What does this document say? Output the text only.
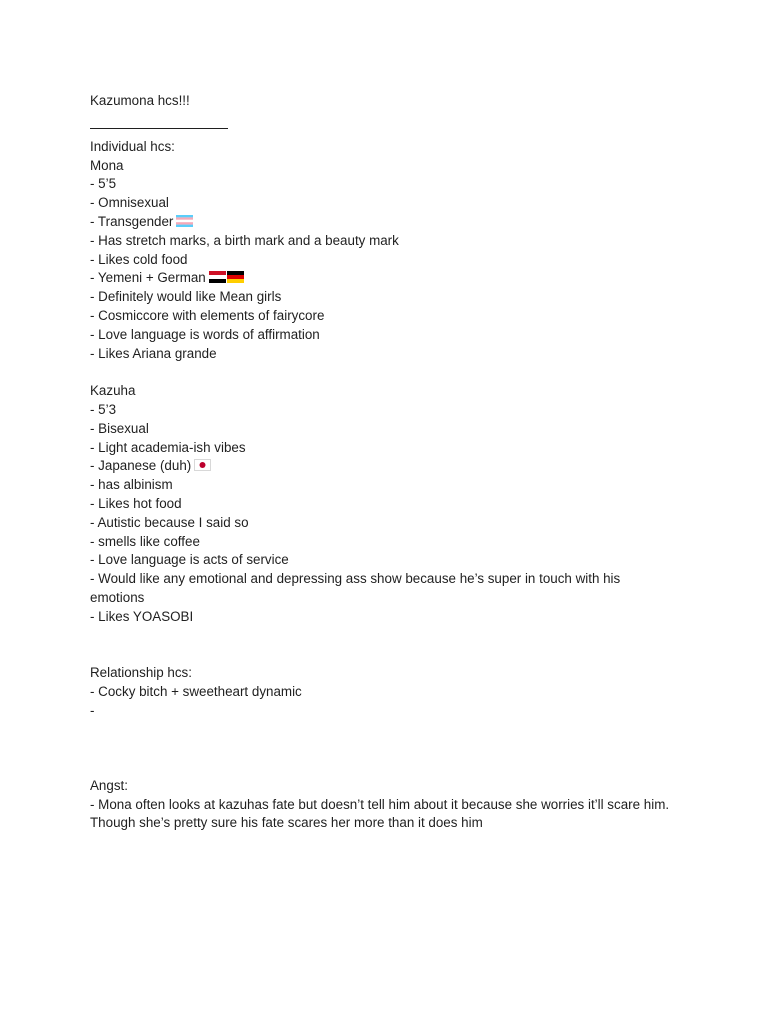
Kazumona hcs!!!
Individual hcs:
Mona
- 5’5
- Omnisexual
- Transgender
- Has stretch marks, a birth mark and a beauty mark
- Likes cold food
- Yemeni + German
- Definitely would like Mean girls
- Cosmiccore with elements of fairycore
- Love language is words of affirmation
- Likes Ariana grande
Kazuha
- 5’3
- Bisexual
- Light academia-ish vibes
- Japanese (duh)
- has albinism
- Likes hot food
- Autistic because I said so
- smells like coffee
- Love language is acts of service
- Would like any emotional and depressing ass show because he’s super in touch with his emotions
- Likes YOASOBI
Relationship hcs:
- Cocky bitch + sweetheart dynamic
-
Angst:
- Mona often looks at kazuhas fate but doesn’t tell him about it because she worries it’ll scare him. Though she’s pretty sure his fate scares her more than it does him
